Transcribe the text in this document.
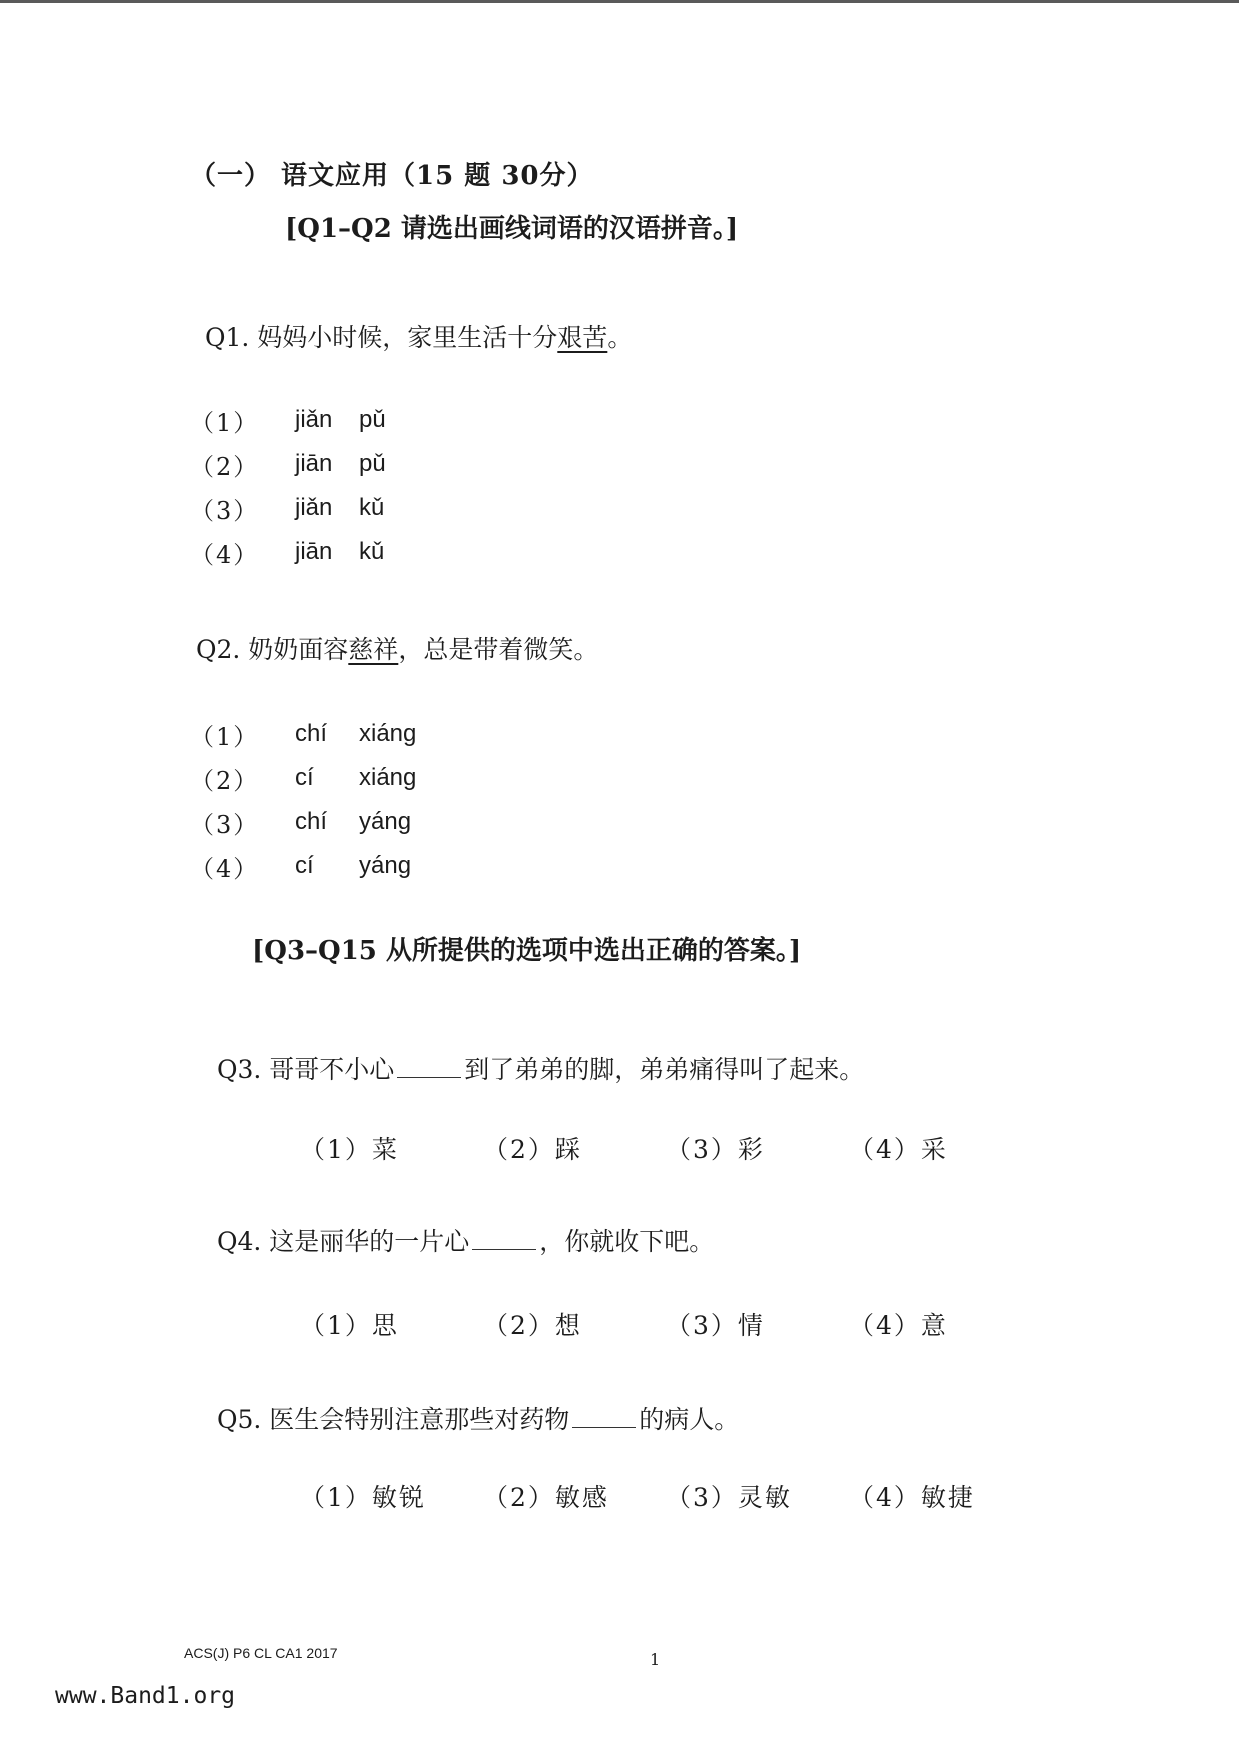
（一） 语文应用（15 题 30分）
[Q1–Q2 请选出画线词语的汉语拼音。]
Q1. 妈妈小时候，家里生活十分艰苦。
（1）	jiǎn	pǔ
（2）	jiān	pǔ
（3）	jiǎn	kǔ
（4）	jiān	kǔ
Q2. 奶奶面容慈祥，总是带着微笑。
（1）	chí	xiáng
（2）	cí	xiáng
（3）	chí	yáng
（4）	cí	yáng
[Q3–Q15 从所提供的选项中选出正确的答案。]
Q3. 哥哥不小心	到了弟弟的脚，弟弟痛得叫了起来。
（1）菜	（2）踩	（3）彩	（4）采
Q4. 这是丽华的一片心	，你就收下吧。
（1）思	（2）想	（3）情	（4）意
Q5. 医生会特别注意那些对药物	的病人。
（1）敏锐	（2）敏感	（3）灵敏	（4）敏捷
ACS(J) P6 CL CA1 2017	1
www.Band1.org
